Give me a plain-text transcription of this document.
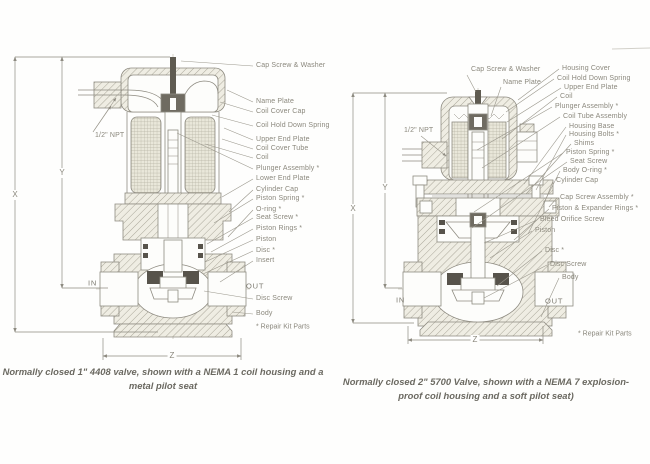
1/2" NPT
1/2" NPT
IN	OUT
IN	OUT
X
Y
Z
X
Y
Z
Cap Screw & Washer
Name Plate
* Repair Kit Parts
* Repair Kit Parts
Normally closed 1" 4408 valve, shown with a NEMA 1 coil housing and a metal pilot seat	Normally closed 2" 5700 Valve, shown with a NEMA 7 explosion-proof coil housing and a soft pilot seat)
Cap Screw & Washer
Name Plate
Coil Cover Cap
Coil Hold Down Spring
Upper End Plate
Coil Cover Tube
Coil
Plunger Assembly *
Lower End Plate
Cylinder Cap
Piston Spring *
O-ring *
Seat Screw *
Piston Rings *
Piston
Disc *
Insert
Disc Screw
Body
Housing Cover
Coil Hold Down Spring
Upper End Plate
Coil
Plunger Assembly *
Coil Tube Assembly
Housing Base
Housing Bolts *
Shims
Piston Spring *
Seat Screw
Body O-ring *
Cylinder Cap
Cap Screw Assembly *
Piston & Expander Rings *
Bleed Orifice Screw
Piston
Disc *
Disc Screw
Body
